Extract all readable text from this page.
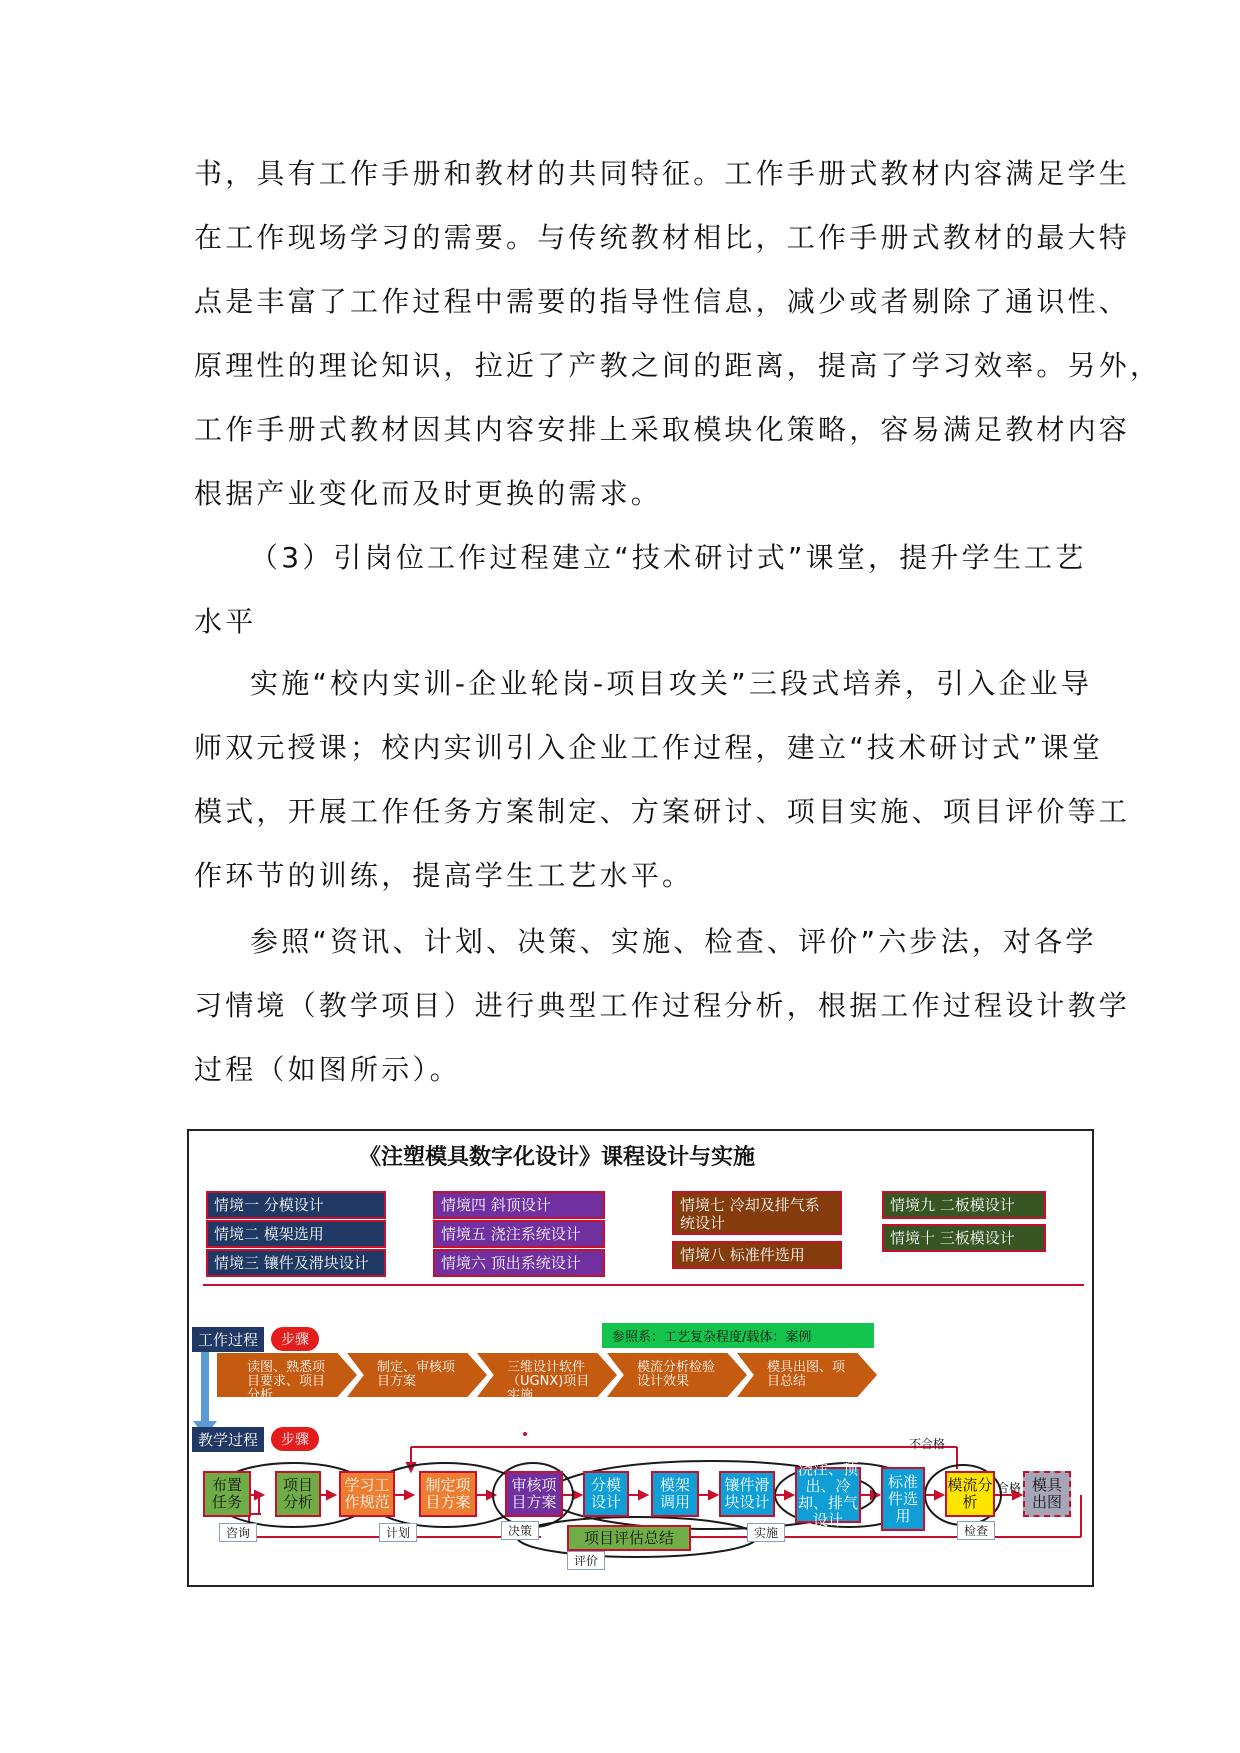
书，具有工作手册和教材的共同特征。工作手册式教材内容满足学生
在工作现场学习的需要。与传统教材相比，工作手册式教材的最大特
点是丰富了工作过程中需要的指导性信息，减少或者剔除了通识性、
原理性的理论知识，拉近了产教之间的距离，提高了学习效率。另外，
工作手册式教材因其内容安排上采取模块化策略，容易满足教材内容
根据产业变化而及时更换的需求。
（3）引岗位工作过程建立“技术研讨式”课堂，提升学生工艺
水平
实施“校内实训-企业轮岗-项目攻关”三段式培养，引入企业导
师双元授课；校内实训引入企业工作过程，建立“技术研讨式”课堂
模式，开展工作任务方案制定、方案研讨、项目实施、项目评价等工
作环节的训练，提高学生工艺水平。
参照“资讯、计划、决策、实施、检查、评价”六步法，对各学
习情境（教学项目）进行典型工作过程分析，根据工作过程设计教学
过程（如图所示）。
《注塑模具数字化设计》课程设计与实施
情境一 分模设计
情境二 模架选用
情境三 镶件及滑块设计
情境四 斜顶设计
情境五 浇注系统设计
情境六 顶出系统设计
情境七 冷却及排气系统设计
情境八 标准件选用
情境九 二板模设计
情境十 三板模设计
工作过程	步骤	参照系：工艺复杂程度/载体：案例
读图、熟悉项目要求、项目分析
制定、审核项目方案
三维设计软件（UGNX)项目实施
模流分析检验设计效果
模具出图、项目总结
教学过程	步骤	不合格
合格
布置任务
项目分析
学习工作规范
制定项目方案
审核项目方案
分模设计
模架调用
镶件滑块设计
浇注、顶出、冷却、排气设计
标准件选用
模流分析
模具出图
项目评估总结
咨询	计划	决策	实施	检查
评价
